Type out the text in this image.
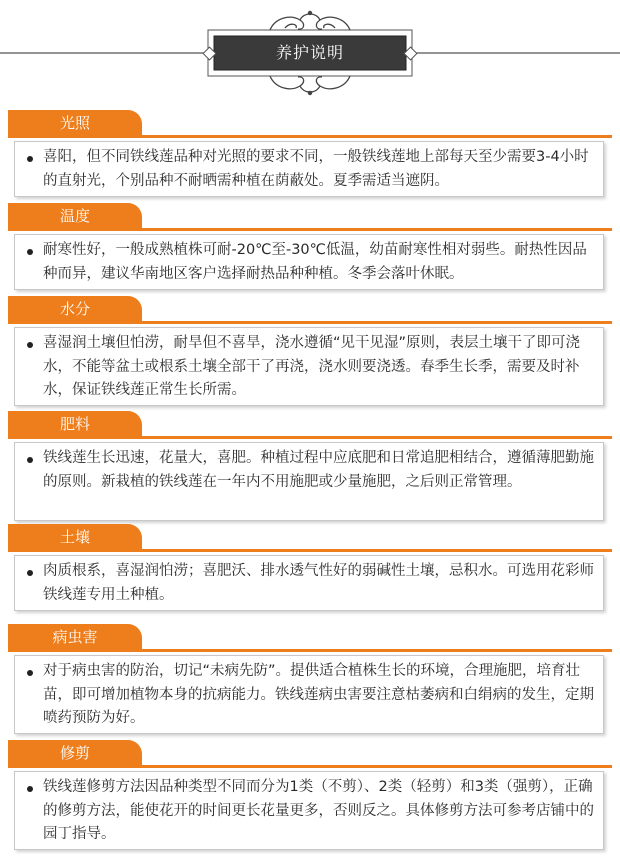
养护说明
光照
喜阳，但不同铁线莲品种对光照的要求不同，一般铁线莲地上部每天至少需要3-4小时的直射光，个别品种不耐晒需种植在荫蔽处。夏季需适当遮阴。
温度
耐寒性好，一般成熟植株可耐-20℃至-30℃低温，幼苗耐寒性相对弱些。耐热性因品种而异，建议华南地区客户选择耐热品种种植。冬季会落叶休眠。
水分
喜湿润土壤但怕涝，耐旱但不喜旱，浇水遵循“见干见湿”原则，表层土壤干了即可浇水，不能等盆土或根系土壤全部干了再浇，浇水则要浇透。春季生长季，需要及时补水，保证铁线莲正常生长所需。
肥料
铁线莲生长迅速，花量大，喜肥。种植过程中应底肥和日常追肥相结合，遵循薄肥勤施的原则。新栽植的铁线莲在一年内不用施肥或少量施肥，之后则正常管理。
土壤
肉质根系，喜湿润怕涝；喜肥沃、排水透气性好的弱碱性土壤，忌积水。可选用花彩师铁线莲专用土种植。
病虫害
对于病虫害的防治，切记“未病先防”。提供适合植株生长的环境，合理施肥，培育壮苗，即可增加植物本身的抗病能力。铁线莲病虫害要注意枯萎病和白绢病的发生，定期喷药预防为好。
修剪
铁线莲修剪方法因品种类型不同而分为1类（不剪）、2类（轻剪）和3类（强剪），正确的修剪方法，能使花开的时间更长花量更多，否则反之。具体修剪方法可参考店铺中的园丁指导。
